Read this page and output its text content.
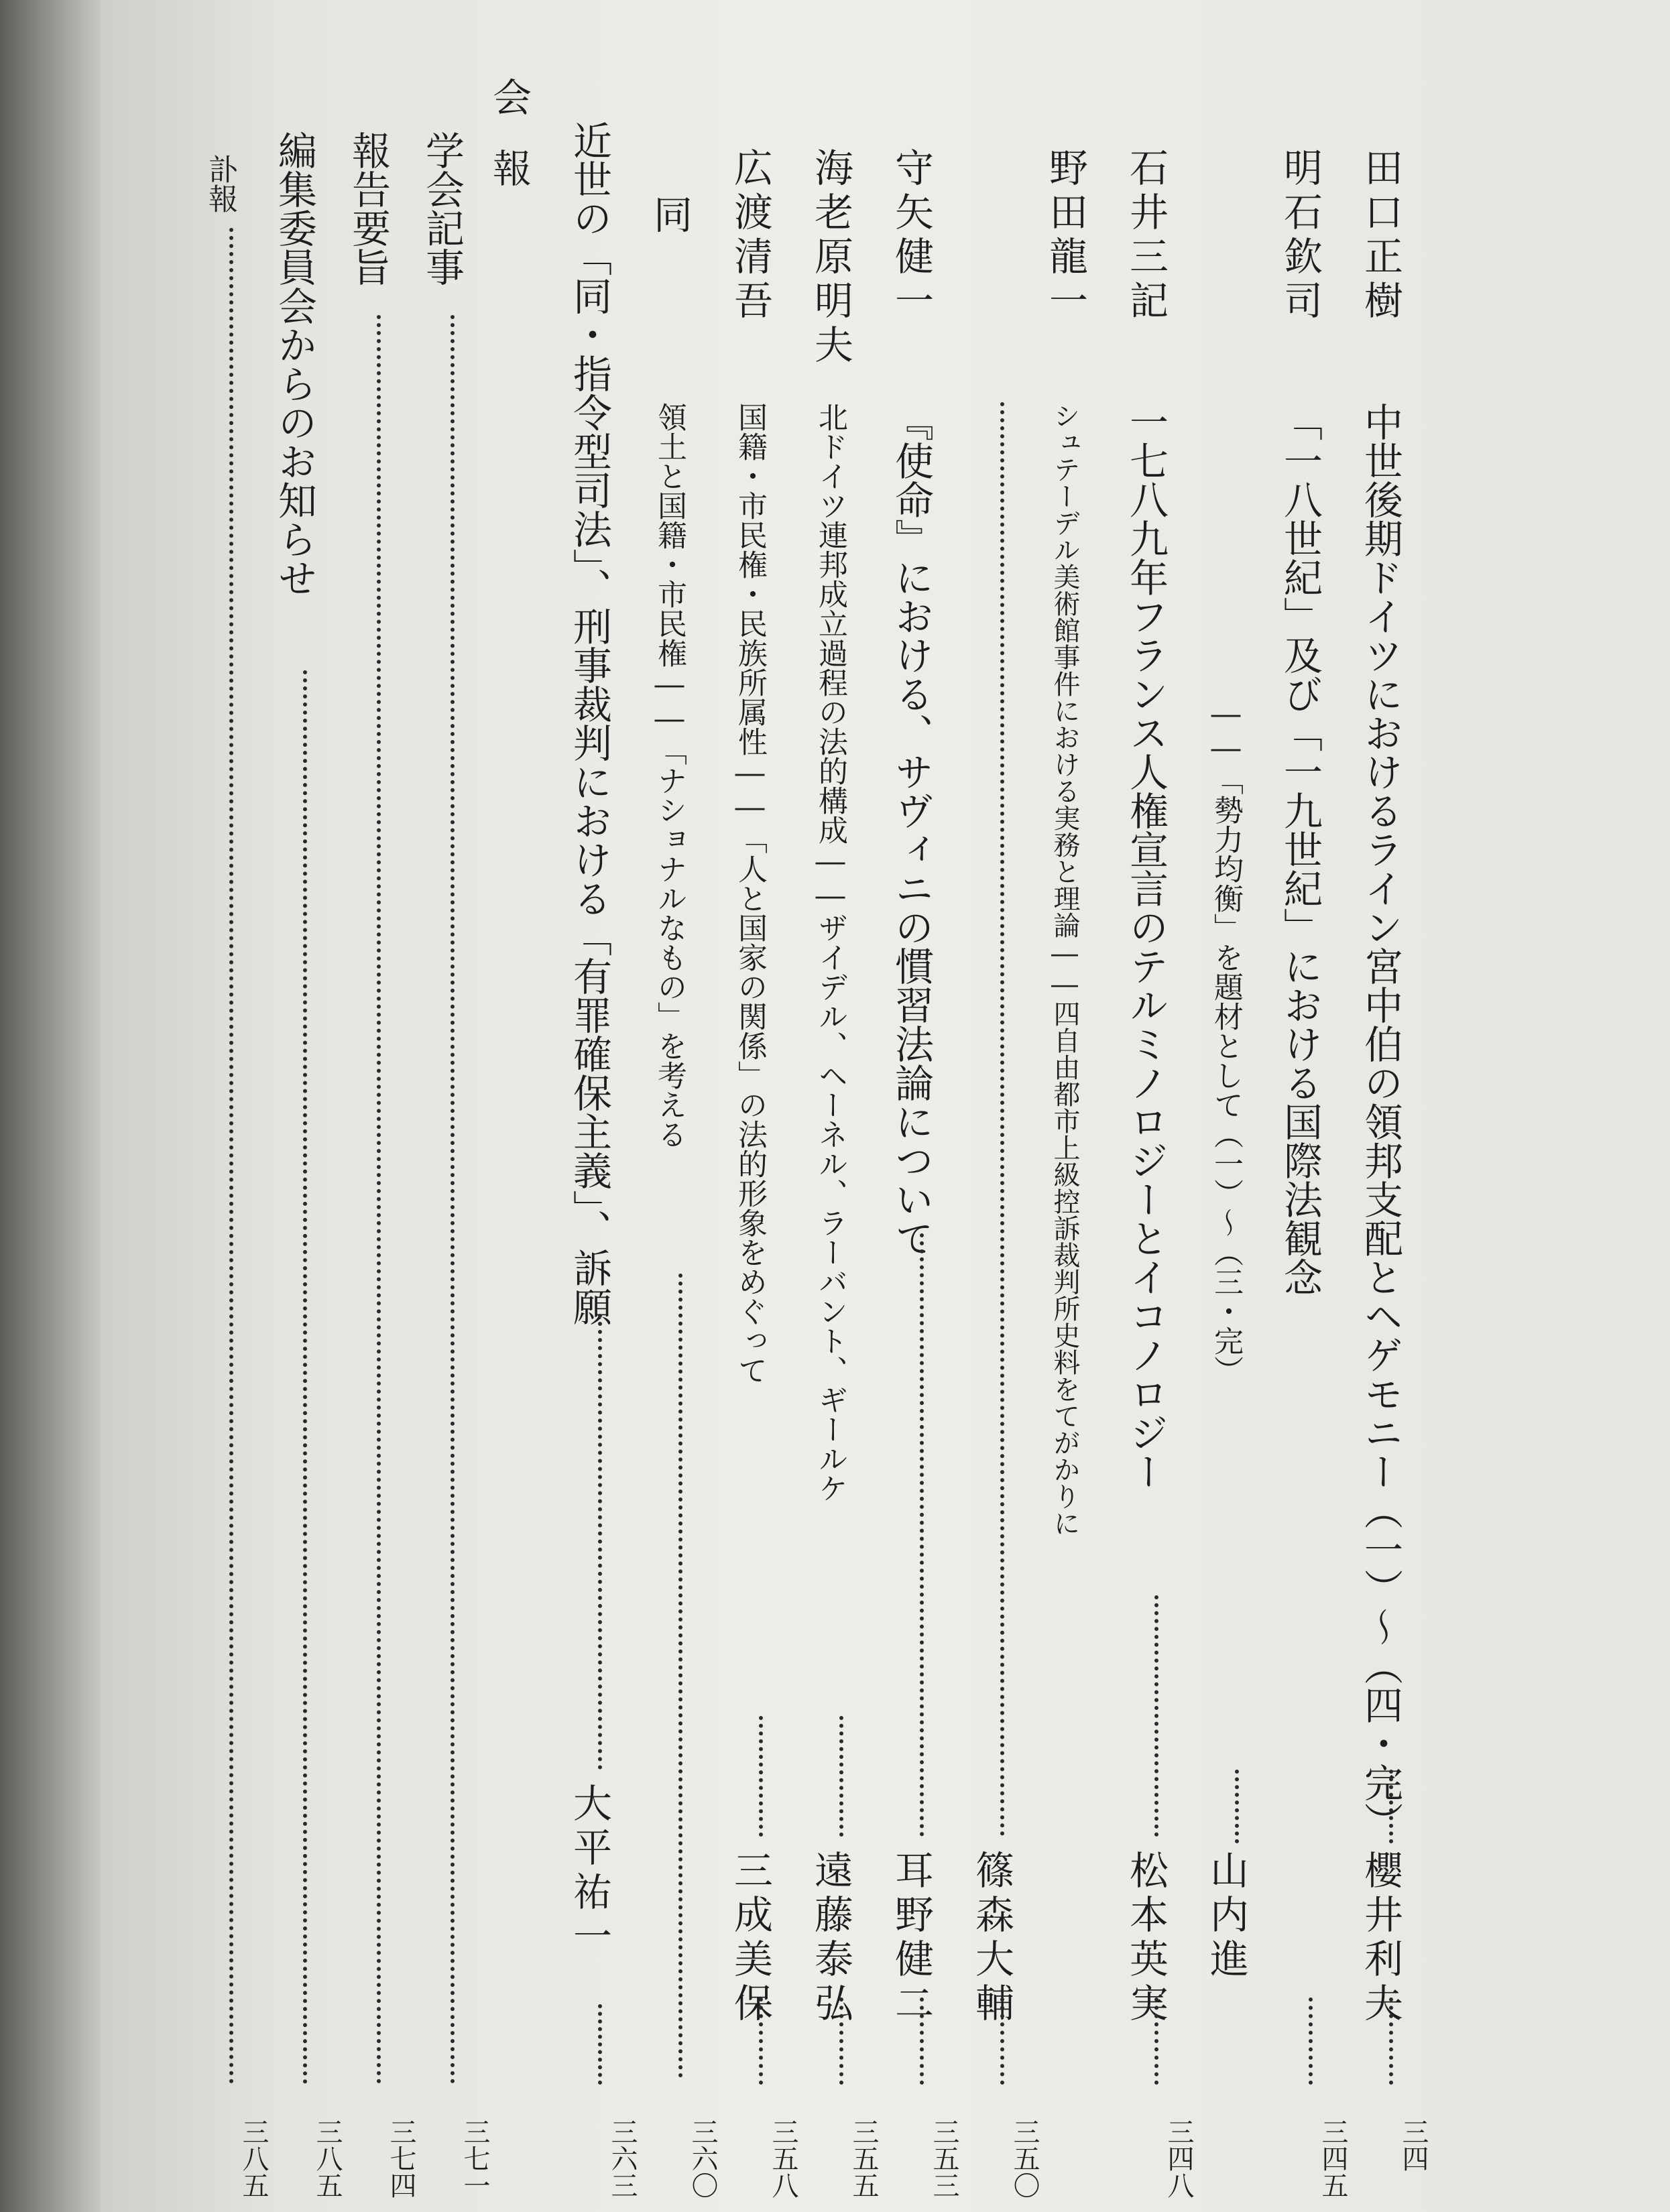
田口正樹

中世後期ドイツにおけるライン宮中伯の領邦支配とヘゲモニー（一）〜（四・完）

櫻井利夫

三四

明石欽司

「一八世紀」及び「一九世紀」における国際法観念

三四五

――「勢力均衡」を題材として（一）〜（三・完）

山内進

石井三記

一七八九年フランス人権宣言のテルミノロジーとイコノロジー

松本英実

三四八

野田龍一

シュテーデル美術館事件における実務と理論――四自由都市上級控訴裁判所史料をてがかりに

篠森大輔

三五〇

守矢健一

『使命』における、サヴィニの慣習法論について

耳野健二

三五三

海老原明夫

北ドイツ連邦成立過程の法的構成――ザイデル、ヘーネル、ラーバント、ギールケ

遠藤泰弘

三五五

広渡清吾

国籍・市民権・民族所属性――「人と国家の関係」の法的形象をめぐって

三成美保

三五八

同

領土と国籍・市民権――「ナショナルなもの」を考える

三六〇

近世の「同・指令型司法」、刑事裁判における「有罪確保主義」、訴願

大平祐一

三六三

会報

学会記事

三七一

報告要旨

三七四

編集委員会からのお知らせ

三八五

訃報

三八五
